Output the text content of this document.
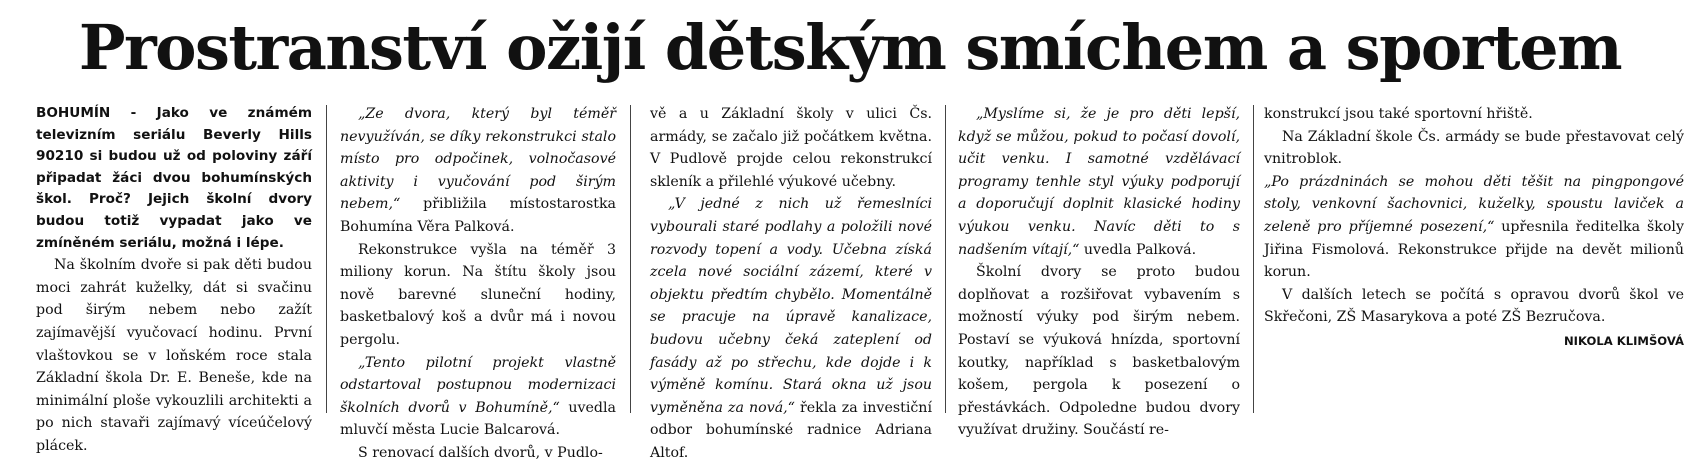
Prostranství ožijí dětským smíchem a sportem

BOHUMÍN - Jako ve známém televizním seriálu Beverly Hills 90210 si budou už od poloviny září připadat žáci dvou bohumínských škol. Proč? Jejich školní dvory budou totiž vypadat jako ve zmíněném seriálu, možná i lépe.

Na školním dvoře si pak děti budou moci zahrát kuželky, dát si svačinu pod širým nebem nebo zažít zajímavější vyučovací hodinu. První vlaštovkou se v loňském roce stala Základní škola Dr. E. Beneše, kde na minimální ploše vykouzlili architekti a po nich stavaři zajímavý víceúčelový plácek.

„Ze dvora, který byl téměř nevyužíván, se díky rekonstrukci stalo místo pro odpočinek, volnočasové aktivity i vyučování pod širým nebem,“ přibližila místostarostka Bohumína Věra Palková.

Rekonstrukce vyšla na téměř 3 miliony korun. Na štítu školy jsou nově barevné sluneční hodiny, basketbalový koš a dvůr má i novou pergolu.

„Tento pilotní projekt vlastně odstartoval postupnou modernizaci školních dvorů v Bohumíně,“ uvedla mluvčí města Lucie Balcarová.

S renovací dalších dvorů, v Pudlo-

vě a u Základní školy v ulici Čs. armády, se začalo již počátkem května. V Pudlově projde celou rekonstrukcí skleník a přilehlé výukové učebny.

„V jedné z nich už řemeslníci vybourali staré podlahy a položili nové rozvody topení a vody. Učebna získá zcela nové sociální zázemí, které v objektu předtím chybělo. Momentálně se pracuje na úpravě kanalizace, budovu učebny čeká zateplení od fasády až po střechu, kde dojde i k výměně komínu. Stará okna už jsou vyměněna za nová,“ řekla za investiční odbor bohumínské radnice Adriana Altof.

„Myslíme si, že je pro děti lepší, když se můžou, pokud to počasí dovolí, učit venku. I samotné vzdělávací programy tenhle styl výuky podporují a doporučují doplnit klasické hodiny výukou venku. Navíc děti to s nadšením vítají,“ uvedla Palková.

Školní dvory se proto budou doplňovat a rozšiřovat vybavením s možností výuky pod širým nebem. Postaví se výuková hnízda, sportovní koutky, například s basketbalovým košem, pergola k posezení o přestávkách. Odpoledne budou dvory využívat družiny. Součástí re-

konstrukcí jsou také sportovní hřiště.

Na Základní škole Čs. armády se bude přestavovat celý vnitroblok.

„Po prázdninách se mohou děti těšit na pingpongové stoly, venkovní šachovnici, kuželky, spoustu laviček a zeleně pro příjemné posezení,“ upřesnila ředitelka školy Jiřina Fismolová. Rekonstrukce přijde na devět milionů korun.

V dalších letech se počítá s opravou dvorů škol ve Skřečoni, ZŠ Masarykova a poté ZŠ Bezručova.

NIKOLA KLIMŠOVÁ
